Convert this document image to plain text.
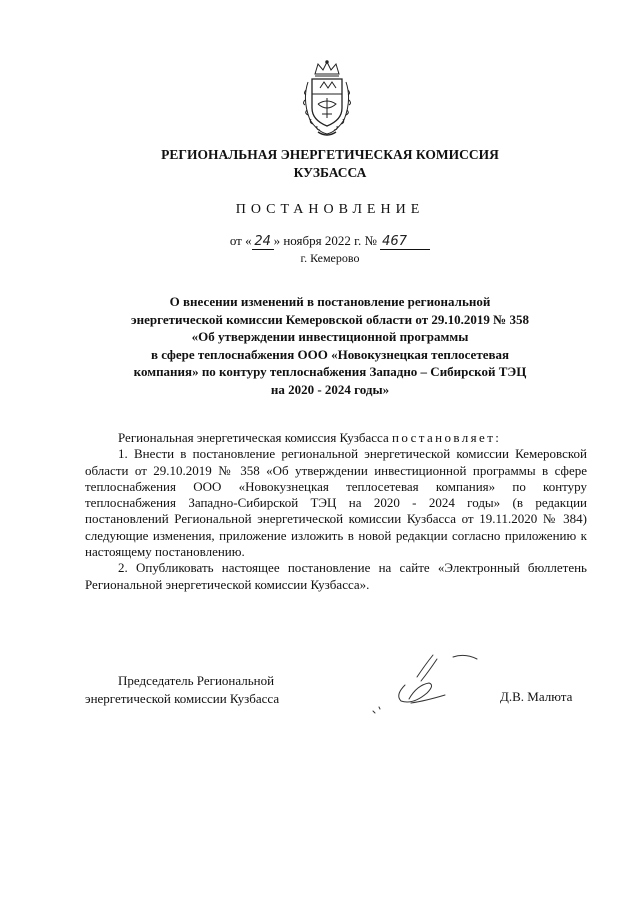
РЕГИОНАЛЬНАЯ ЭНЕРГЕТИЧЕСКАЯ КОМИССИЯ
КУЗБАССА
ПОСТАНОВЛЕНИЕ
от « 24 » ноября 2022 г. № 467
г. Кемерово
О внесении изменений в постановление региональной
энергетической комиссии Кемеровской области от 29.10.2019 № 358
«Об утверждении инвестиционной программы
в сфере теплоснабжения ООО «Новокузнецкая теплосетевая
компания» по контуру теплоснабжения Западно – Сибирской ТЭЦ
на 2020 - 2024 годы»

Региональная энергетическая комиссия Кузбасса постановляет:

1. Внести в постановление региональной энергетической комиссии Кемеровской области от 29.10.2019 № 358 «Об утверждении инвестиционной программы в сфере теплоснабжения ООО «Новокузнецкая теплосетевая компания» по контуру теплоснабжения Западно-Сибирской ТЭЦ на 2020 - 2024 годы» (в редакции постановлений Региональной энергетической комиссии Кузбасса от 19.11.2020 № 384) следующие изменения, приложение изложить в новой редакции согласно приложению к настоящему постановлению.

2. Опубликовать настоящее постановление на сайте «Электронный бюллетень Региональной энергетической комиссии Кузбасса».

Председатель Региональной
энергетической комиссии Кузбасса	Д.В. Малюта
